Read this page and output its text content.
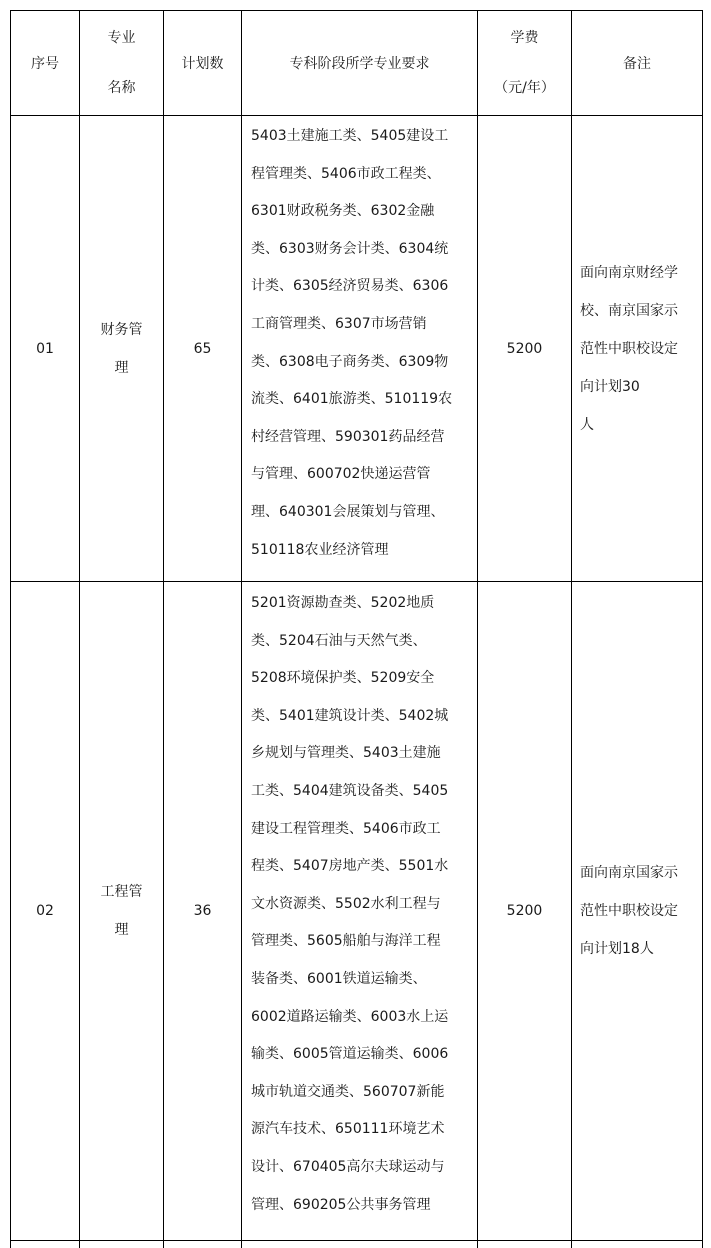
序号
专业
名称
计划数	专科阶段所学专业要求
学费
（元/年）
备注
01
财务管
理
65
5403土建施工类、5405建设工
程管理类、5406市政工程类、
6301财政税务类、6302金融
类、6303财务会计类、6304统
计类、6305经济贸易类、6306
工商管理类、6307市场营销
类、6308电子商务类、6309物
流类、6401旅游类、510119农
村经营管理、590301药品经营
与管理、600702快递运营管
理、640301会展策划与管理、
510118农业经济管理
5200
面向南京财经学
校、南京国家示
范性中职校设定
向计划30
人
02
工程管
理
36
5201资源勘查类、5202地质
类、5204石油与天然气类、
5208环境保护类、5209安全
类、5401建筑设计类、5402城
乡规划与管理类、5403土建施
工类、5404建筑设备类、5405
建设工程管理类、5406市政工
程类、5407房地产类、5501水
文水资源类、5502水利工程与
管理类、5605船舶与海洋工程
装备类、6001铁道运输类、
6002道路运输类、6003水上运
输类、6005管道运输类、6006
城市轨道交通类、560707新能
源汽车技术、650111环境艺术
设计、670405高尔夫球运动与
管理、690205公共事务管理
5200
面向南京国家示
范性中职校设定
向计划18人
